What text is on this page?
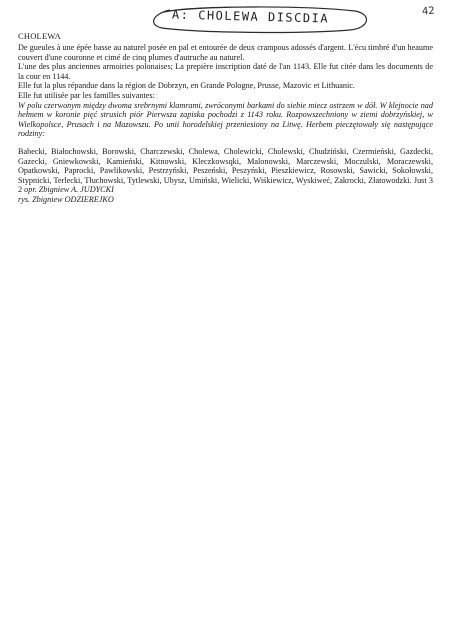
A: CHOLEWA DISCDIA	42
CHOLEWA

De gueules à une épée basse au naturel posée en pal et entourée de deux crampous adossés d'argent. L'écu timbré d'un heaume couvert d'une couronne et cimé de cinq plumes d'autruche au naturel.

L'une des plus anciennes armoiries polonaises; La prepière inscription daté de l'an 1143. Elle fut citée dans les documents de la cour en 1144.

Elle fut la plus répandue dans la région de Dobrzyn, en Grande Pologne, Prusse, Mazovic et Lithuanic.

Elle fut utilisée par les familles suivantes:

W polu czerwonym między dwoma srebrnymi klamrami, zwróconymi barkami do siebie miecz ostrzem w dół. W klejnocie nad hełmem w koronie pięć strusich piór Pierwsza zapiska pochodzi z 1143 roku. Rozpowszechniony w ziemi dobrzyńskiej, w Wielkopolsce, Prusach i na Mazowszu. Po unii horodelskiej przeniesiony na Litwę. Herbem pieczętowały się następujące rodziny:

Babecki, Białochowski, Borowski, Charczewski, Cholewa, Cholewicki, Cholewski, Chudziński, Czermieński, Gazdecki, Gazecki, Gniewkowski, Kamieński, Kitnowski, Kleczkowsqki, Malonowski, Marczewski, Moczulski, Moraczewski, Opatkowski, Paprocki, Pawlikowski, Pestrzyński, Peszeński, Peszyński, Pieszkiewicz, Rosowski, Sawicki, Sokołowski, Stypnicki, Terlecki, Tłuchowski, Tytlewski, Ubysz, Umiński, Wielicki, Wiśkiewicz, Wyskiweć, Zakrocki, Złatowodzki. Just 3 2 opr. Zbigniew A. JUDYCKI

rys. Zbigniew ODZIEREJKO
